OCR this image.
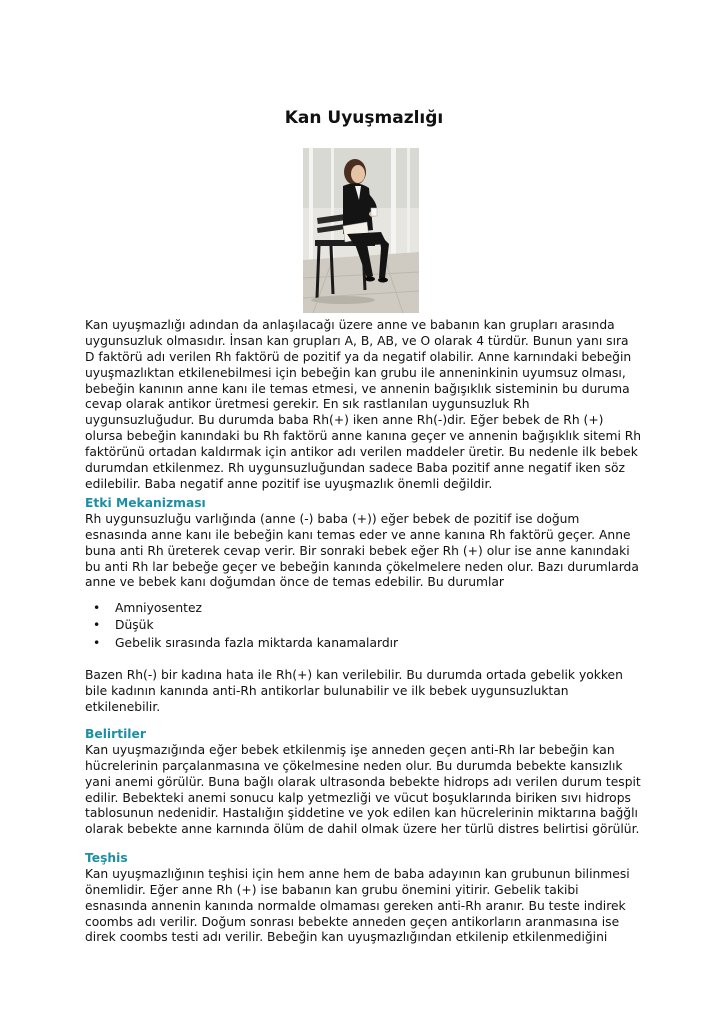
Kan Uyuşmazlığı
Kan uyuşmazlığı adından da anlaşılacağı üzere anne ve babanın kan grupları arasında
uygunsuzluk olmasıdır. İnsan kan grupları A, B, AB, ve O olarak 4 türdür. Bunun yanı sıra
D faktörü adı verilen Rh faktörü de pozitif ya da negatif olabilir. Anne karnındaki bebeğin
uyuşmazlıktan etkilenebilmesi için bebeğin kan grubu ile anneninkinin uyumsuz olması,
bebeğin kanının anne kanı ile temas etmesi, ve annenin bağışıklık sisteminin bu duruma
cevap olarak antikor üretmesi gerekir. En sık rastlanılan uygunsuzluk Rh
uygunsuzluğudur. Bu durumda baba Rh(+) iken anne Rh(-)dir. Eğer bebek de Rh (+)
olursa bebeğin kanındaki bu Rh faktörü anne kanına geçer ve annenin bağışıklık sitemi Rh
faktörünü ortadan kaldırmak için antikor adı verilen maddeler üretir. Bu nedenle ilk bebek
durumdan etkilenmez. Rh uygunsuzluğundan sadece Baba pozitif anne negatif iken söz
edilebilir. Baba negatif anne pozitif ise uyuşmazlık önemli değildir.
Etki Mekanizması
Rh uygunsuzluğu varlığında (anne (-) baba (+)) eğer bebek de pozitif ise doğum
esnasında anne kanı ile bebeğin kanı temas eder ve anne kanına Rh faktörü geçer. Anne
buna anti Rh üreterek cevap verir. Bir sonraki bebek eğer Rh (+) olur ise anne kanındaki
bu anti Rh lar bebeğe geçer ve bebeğin kanında çökelmelere neden olur. Bazı durumlarda
anne ve bebek kanı doğumdan önce de temas edebilir. Bu durumlar
• Amniyosentez
• Düşük
• Gebelik sırasında fazla miktarda kanamalardır
Bazen Rh(-) bir kadına hata ile Rh(+) kan verilebilir. Bu durumda ortada gebelik yokken
bile kadının kanında anti-Rh antikorlar bulunabilir ve ilk bebek uygunsuzluktan
etkilenebilir.
Belirtiler
Kan uyuşmazığında eğer bebek etkilenmiş işe anneden geçen anti-Rh lar bebeğin kan
hücrelerinin parçalanmasına ve çökelmesine neden olur. Bu durumda bebekte kansızlık
yani anemi görülür. Buna bağlı olarak ultrasonda bebekte hidrops adı verilen durum tespit
edilir. Bebekteki anemi sonucu kalp yetmezliği ve vücut boşuklarında biriken sıvı hidrops
tablosunun nedenidir. Hastalığın şiddetine ve yok edilen kan hücrelerinin miktarına bağğlı
olarak bebekte anne karnında ölüm de dahil olmak üzere her türlü distres belirtisi görülür.
Teşhis
Kan uyuşmazlığının teşhisi için hem anne hem de baba adayının kan grubunun bilinmesi
önemlidir. Eğer anne Rh (+) ise babanın kan grubu önemini yitirir. Gebelik takibi
esnasında annenin kanında normalde olmaması gereken anti-Rh aranır. Bu teste indirek
coombs adı verilir. Doğum sonrası bebekte anneden geçen antikorların aranmasına ise
direk coombs testi adı verilir. Bebeğin kan uyuşmazlığından etkilenip etkilenmediğini
